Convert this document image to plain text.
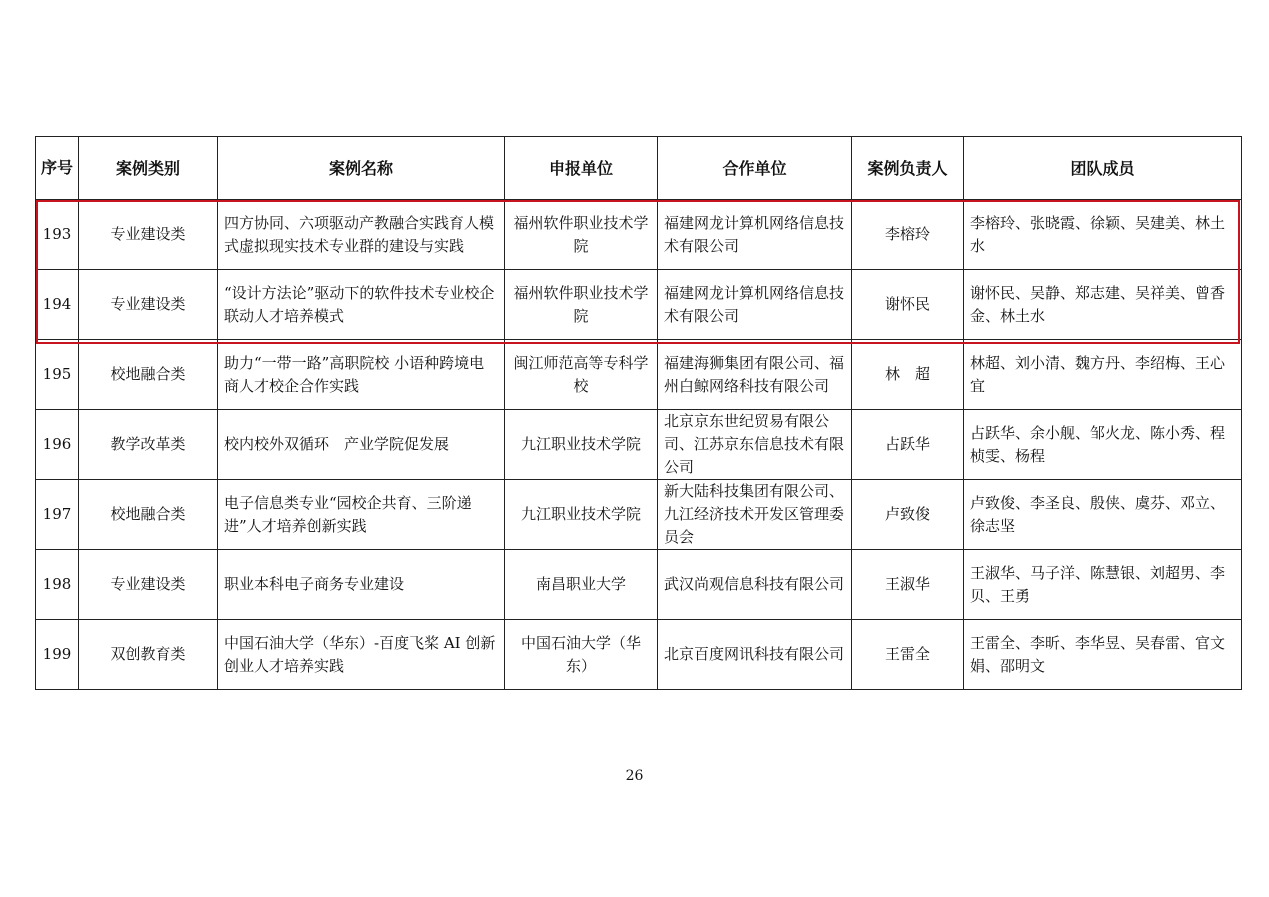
序号	案例类别	案例名称	申报单位	合作单位	案例负责人	团队成员
193	专业建设类	四方协同、六项驱动产教融合实践育人模式虚拟现实技术专业群的建设与实践	福州软件职业技术学院	福建网龙计算机网络信息技术有限公司	李榕玲	李榕玲、张晓霞、徐颖、吴建美、林土水
194	专业建设类	“设计方法论”驱动下的软件技术专业校企联动人才培养模式	福州软件职业技术学院	福建网龙计算机网络信息技术有限公司	谢怀民	谢怀民、吴静、郑志建、吴祥美、曾香金、林土水
195	校地融合类	助力“一带一路”高职院校 小语种跨境电商人才校企合作实践	闽江师范高等专科学校	福建海狮集团有限公司、福州白鲸网络科技有限公司	林　超	林超、刘小清、魏方丹、李绍梅、王心宜
196	教学改革类	校内校外双循环　产业学院促发展	九江职业技术学院	北京京东世纪贸易有限公司、江苏京东信息技术有限公司	占跃华	占跃华、余小舰、邹火龙、陈小秀、程桢雯、杨程
197	校地融合类	电子信息类专业“园校企共育、三阶递进”人才培养创新实践	九江职业技术学院	新大陆科技集团有限公司、九江经济技术开发区管理委员会	卢致俊	卢致俊、李圣良、殷侠、虞芬、邓立、徐志坚
198	专业建设类	职业本科电子商务专业建设	南昌职业大学	武汉尚观信息科技有限公司	王淑华	王淑华、马子洋、陈慧银、刘超男、李贝、王勇
199	双创教育类	中国石油大学（华东）-百度飞桨 AI 创新创业人才培养实践	中国石油大学（华东）	北京百度网讯科技有限公司	王雷全	王雷全、李昕、李华昱、吴春雷、官文娟、邵明文
26
